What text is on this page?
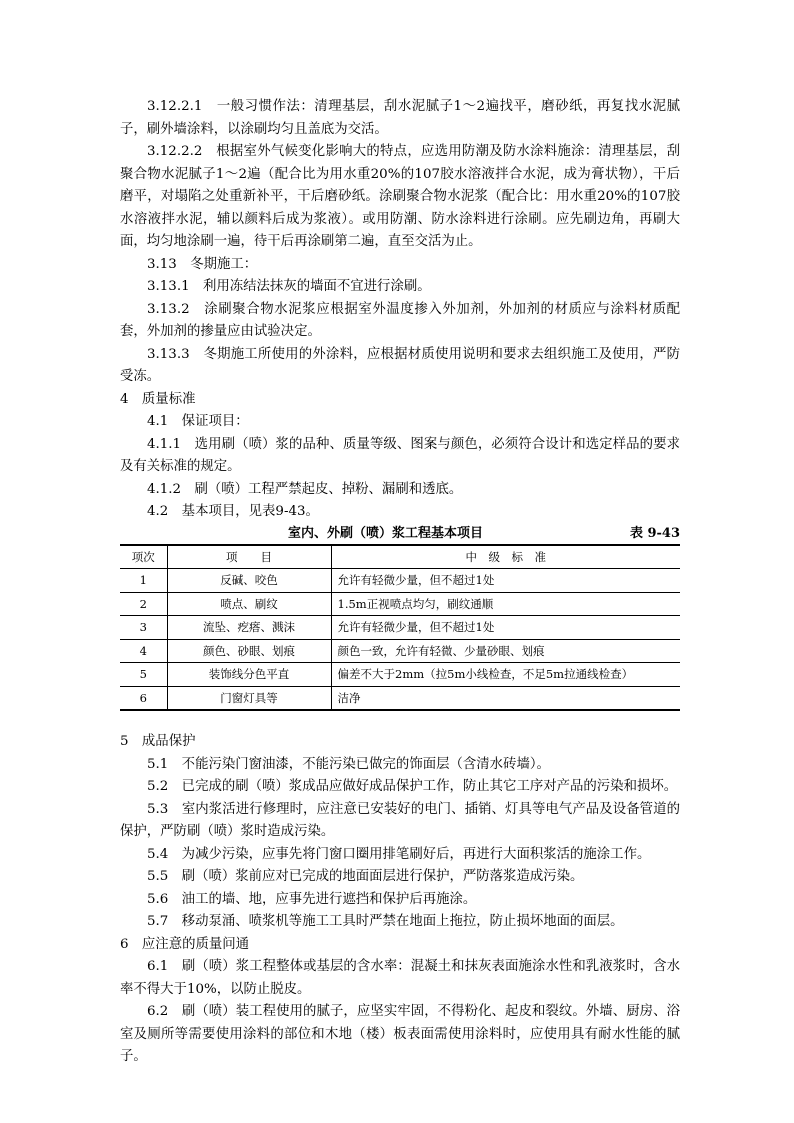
3.12.2.1　一般习惯作法：清理基层，刮水泥腻子1～2遍找平，磨砂纸，再复找水泥腻子，刷外墙涂料，以涂刷均匀且盖底为交活。

3.12.2.2　根据室外气候变化影响大的特点，应选用防潮及防水涂料施涂：清理基层，刮聚合物水泥腻子1～2遍（配合比为用水重20%的107胶水溶液拌合水泥，成为膏状物），干后磨平，对塌陷之处重新补平，干后磨砂纸。涂刷聚合物水泥浆（配合比：用水重20%的107胶水溶液拌水泥，辅以颜料后成为浆液）。或用防潮、防水涂料进行涂刷。应先刷边角，再刷大面，均匀地涂刷一遍，待干后再涂刷第二遍，直至交活为止。

3.13　冬期施工：

3.13.1　利用冻结法抹灰的墙面不宜进行涂刷。

3.13.2　涂刷聚合物水泥浆应根据室外温度掺入外加剂，外加剂的材质应与涂料材质配套，外加剂的掺量应由试验决定。

3.13.3　冬期施工所使用的外涂料，应根据材质使用说明和要求去组织施工及使用，严防受冻。

4　质量标准

4.1　保证项目：

4.1.1　选用刷（喷）浆的品种、质量等级、图案与颜色，必须符合设计和选定样品的要求及有关标准的规定。

4.1.2　刷（喷）工程严禁起皮、掉粉、漏刷和透底。

4.2　基本项目，见表9-43。

室内、外刷（喷）浆工程基本项目	表 9-43
项次	项　　目	中　级　标　准
1	反碱、咬色	允许有轻微少量，但不超过1处
2	喷点、刷纹	1.5m正视喷点均匀，刷纹通顺
3	流坠、疙瘩、溅沫	允许有轻微少量，但不超过1处
4	颜色、砂眼、划痕	颜色一致，允许有轻微、少量砂眼、划痕
5	装饰线分色平直	偏差不大于2mm（拉5m小线检查，不足5m拉通线检查）
6	门窗灯具等	洁净

5　成品保护

5.1　不能污染门窗油漆，不能污染已做完的饰面层（含清水砖墙）。

5.2　已完成的刷（喷）浆成品应做好成品保护工作，防止其它工序对产品的污染和损坏。

5.3　室内浆活进行修理时，应注意已安装好的电门、插销、灯具等电气产品及设备管道的保护，严防刷（喷）浆时造成污染。

5.4　为减少污染，应事先将门窗口圈用排笔刷好后，再进行大面积浆活的施涂工作。

5.5　刷（喷）浆前应对已完成的地面面层进行保护，严防落浆造成污染。

5.6　油工的墙、地，应事先进行遮挡和保护后再施涂。

5.7　移动泵涌、喷浆机等施工工具时严禁在地面上拖拉，防止损坏地面的面层。

6　应注意的质量问通

6.1　刷（喷）浆工程整体或基层的含水率：混凝土和抹灰表面施涂水性和乳液浆时，含水率不得大于10%，以防止脱皮。

6.2　刷（喷）装工程使用的腻子，应坚实牢固，不得粉化、起皮和裂纹。外墙、厨房、浴室及厕所等需要使用涂料的部位和木地（楼）板表面需使用涂料时，应使用具有耐水性能的腻子。
